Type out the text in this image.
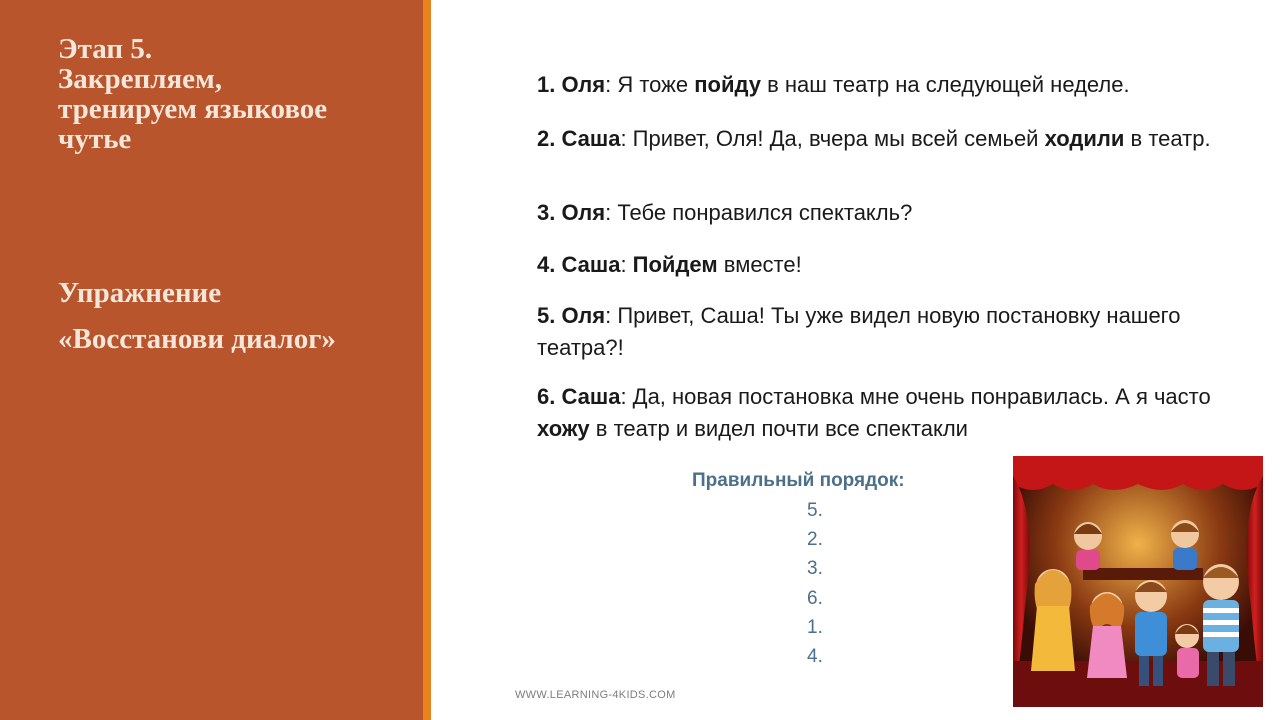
Этап 5.
Закрепляем,
тренируем языковое
чутье
Упражнение
«Восстанови диалог»
1. Оля: Я тоже пойду в наш театр на следующей неделе.
2. Саша: Привет, Оля! Да, вчера мы всей семьей ходили в театр.
3. Оля: Тебе понравился спектакль?
4. Саша: Пойдем вместе!
5. Оля: Привет, Саша! Ты уже видел новую постановку нашего театра?!
6. Саша: Да, новая постановка мне очень понравилась. А я часто хожу в театр и видел почти все спектакли
Правильный порядок:
5.
2.
3.
6.
1.
4.
WWW.LEARNING-4KIDS.COM
